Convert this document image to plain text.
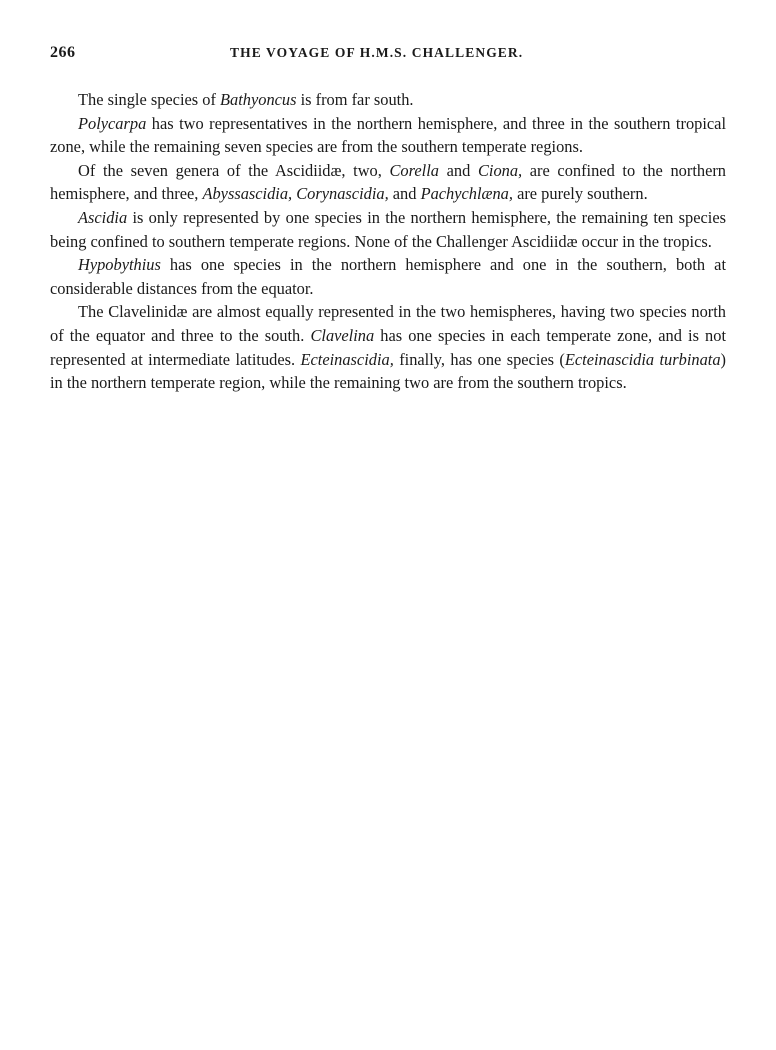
266	THE VOYAGE OF H.M.S. CHALLENGER.

The single species of Bathyoncus is from far south.

Polycarpa has two representatives in the northern hemisphere, and three in the southern tropical zone, while the remaining seven species are from the southern temperate regions.

Of the seven genera of the Ascidiidæ, two, Corella and Ciona, are confined to the northern hemisphere, and three, Abyssascidia, Corynascidia, and Pachychlæna, are purely southern.

Ascidia is only represented by one species in the northern hemisphere, the remaining ten species being confined to southern temperate regions. None of the Challenger Ascidiidæ occur in the tropics.

Hypobythius has one species in the northern hemisphere and one in the southern, both at considerable distances from the equator.

The Clavelinidæ are almost equally represented in the two hemispheres, having two species north of the equator and three to the south. Clavelina has one species in each temperate zone, and is not represented at intermediate latitudes. Ecteinascidia, finally, has one species (Ecteinascidia turbinata) in the northern temperate region, while the remaining two are from the southern tropics.
